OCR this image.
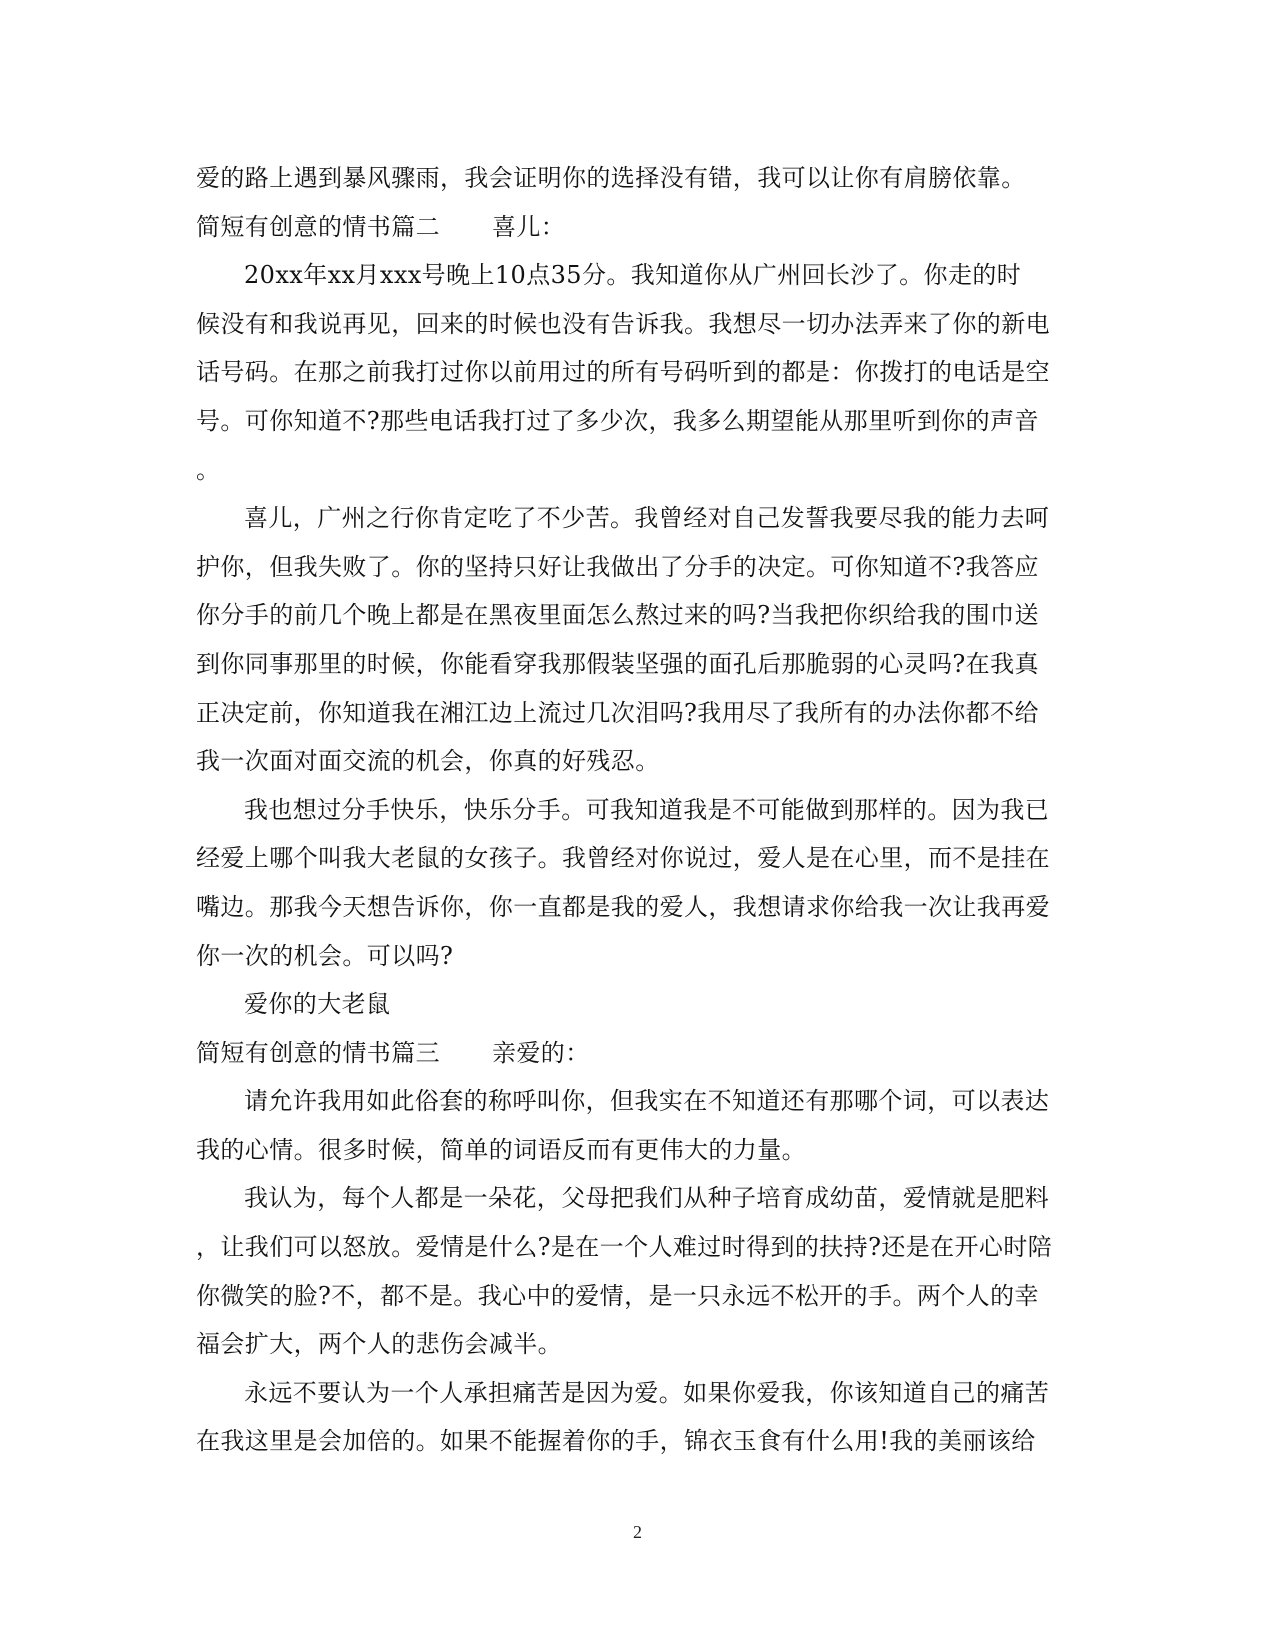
爱的路上遇到暴风骤雨，我会证明你的选择没有错，我可以让你有肩膀依靠。
简短有创意的情书篇二 喜儿：
20xx年xx月xxx号晚上10点35分。我知道你从广州回长沙了。你走的时
候没有和我说再见，回来的时候也没有告诉我。我想尽一切办法弄来了你的新电
话号码。在那之前我打过你以前用过的所有号码听到的都是：你拨打的电话是空
号。可你知道不?那些电话我打过了多少次，我多么期望能从那里听到你的声音
。
喜儿，广州之行你肯定吃了不少苦。我曾经对自己发誓我要尽我的能力去呵
护你，但我失败了。你的坚持只好让我做出了分手的决定。可你知道不?我答应
你分手的前几个晚上都是在黑夜里面怎么熬过来的吗?当我把你织给我的围巾送
到你同事那里的时候，你能看穿我那假装坚强的面孔后那脆弱的心灵吗?在我真
正决定前，你知道我在湘江边上流过几次泪吗?我用尽了我所有的办法你都不给
我一次面对面交流的机会，你真的好残忍。
我也想过分手快乐，快乐分手。可我知道我是不可能做到那样的。因为我已
经爱上哪个叫我大老鼠的女孩子。我曾经对你说过，爱人是在心里，而不是挂在
嘴边。那我今天想告诉你，你一直都是我的爱人，我想请求你给我一次让我再爱
你一次的机会。可以吗?
爱你的大老鼠
简短有创意的情书篇三 亲爱的：
请允许我用如此俗套的称呼叫你，但我实在不知道还有那哪个词，可以表达
我的心情。很多时候，简单的词语反而有更伟大的力量。
我认为，每个人都是一朵花，父母把我们从种子培育成幼苗，爱情就是肥料
，让我们可以怒放。爱情是什么?是在一个人难过时得到的扶持?还是在开心时陪
你微笑的脸?不，都不是。我心中的爱情，是一只永远不松开的手。两个人的幸
福会扩大，两个人的悲伤会减半。
永远不要认为一个人承担痛苦是因为爱。如果你爱我，你该知道自己的痛苦
在我这里是会加倍的。如果不能握着你的手，锦衣玉食有什么用!我的美丽该给
2
